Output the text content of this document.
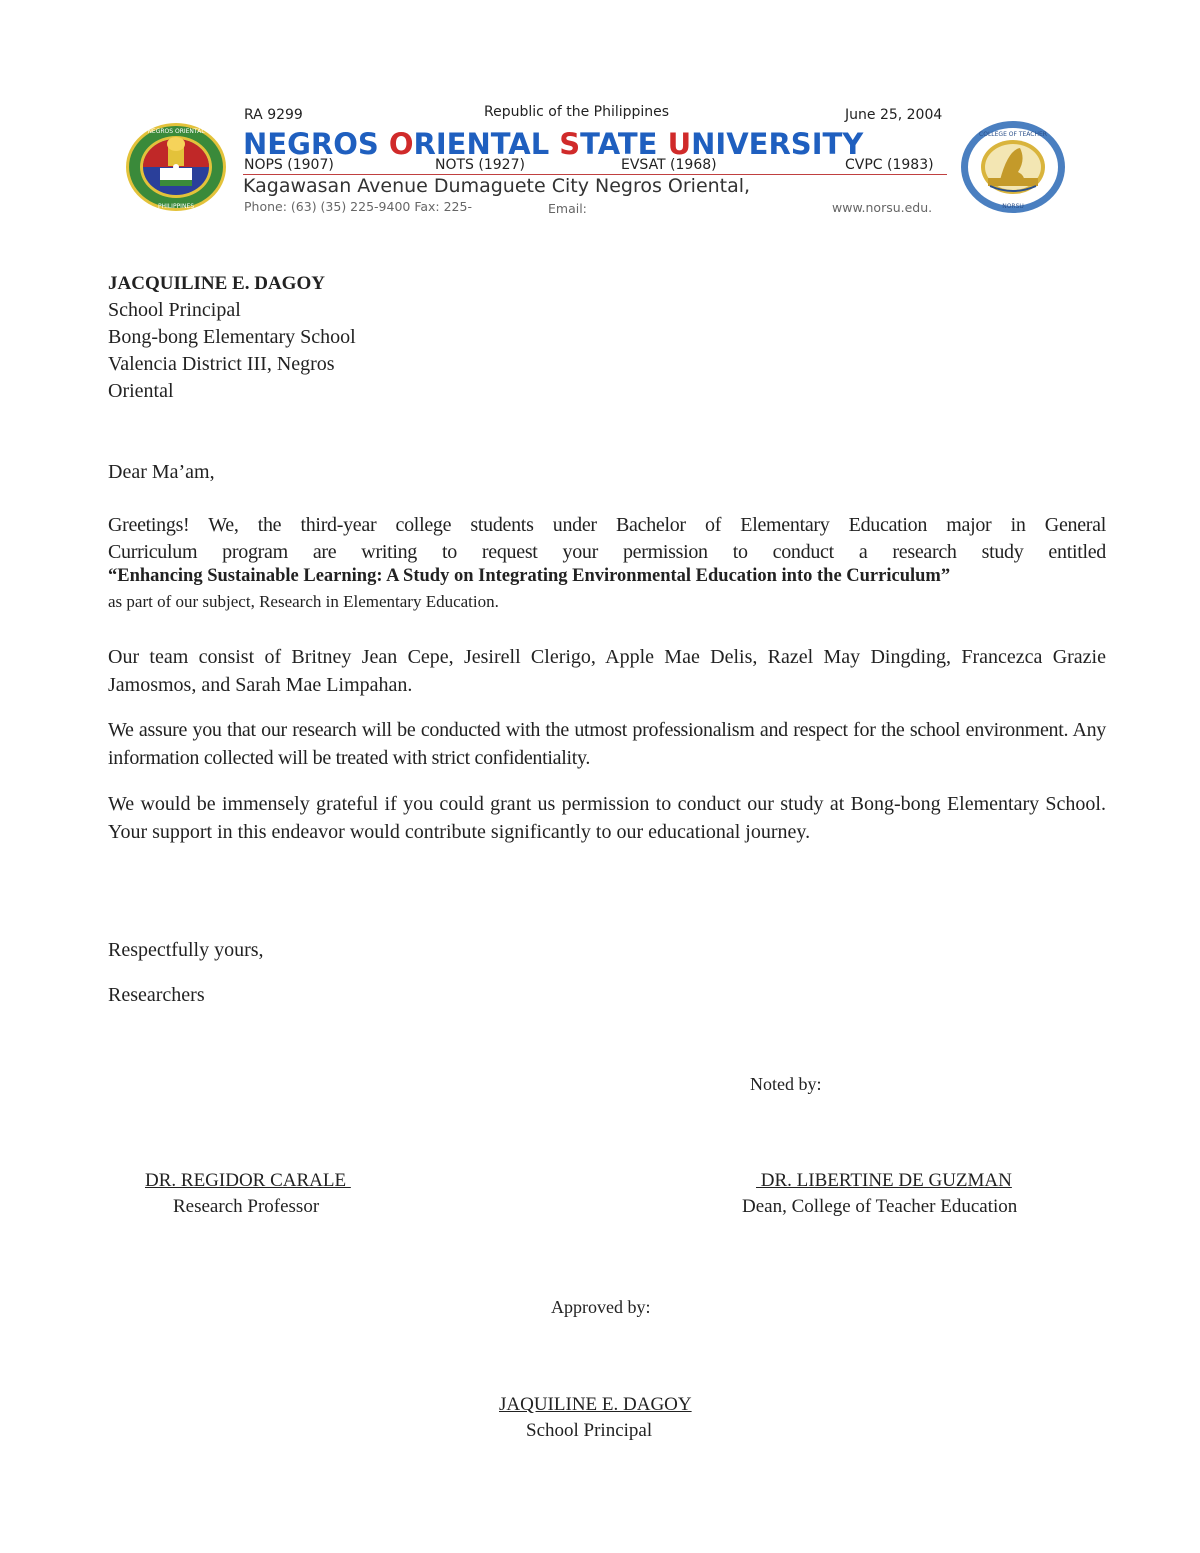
NEGROS ORIENTAL
PHILIPPINES
COLLEGE OF TEACHER
NORSU
RA 9299	Republic of the Philippines	June 25, 2004
NEGROS ORIENTAL STATE UNIVERSITY
NOPS (1907)	NOTS (1927)	EVSAT (1968)	CVPC (1983)
Kagawasan Avenue Dumaguete City Negros Oriental,
Phone: (63) (35) 225-9400 Fax: 225-	Email:	www.norsu.edu.
JACQUILINE E. DAGOY
School Principal
Bong-bong Elementary School
Valencia District III, Negros
Oriental
Dear Ma’am,
Greetings! We, the third-year college students under Bachelor of Elementary Education major in General
Curriculum program are writing to request your permission to conduct a research study entitled
“Enhancing Sustainable Learning: A Study on Integrating Environmental Education into the Curriculum”
as part of our subject, Research in Elementary Education.
Our team consist of Britney Jean Cepe, Jesirell Clerigo, Apple Mae Delis, Razel May Dingding, Francezca Grazie Jamosmos, and Sarah Mae Limpahan.
We assure you that our research will be conducted with the utmost professionalism and respect for the school environment. Any information collected will be treated with strict confidentiality.
We would be immensely grateful if you could grant us permission to conduct our study at Bong-bong Elementary School. Your support in this endeavor would contribute significantly to our educational journey.
Respectfully yours,
Researchers
Noted by:
DR. REGIDOR CARALE
Research Professor
DR. LIBERTINE DE GUZMAN
Dean, College of Teacher Education
Approved by:
JAQUILINE E. DAGOY
School Principal
